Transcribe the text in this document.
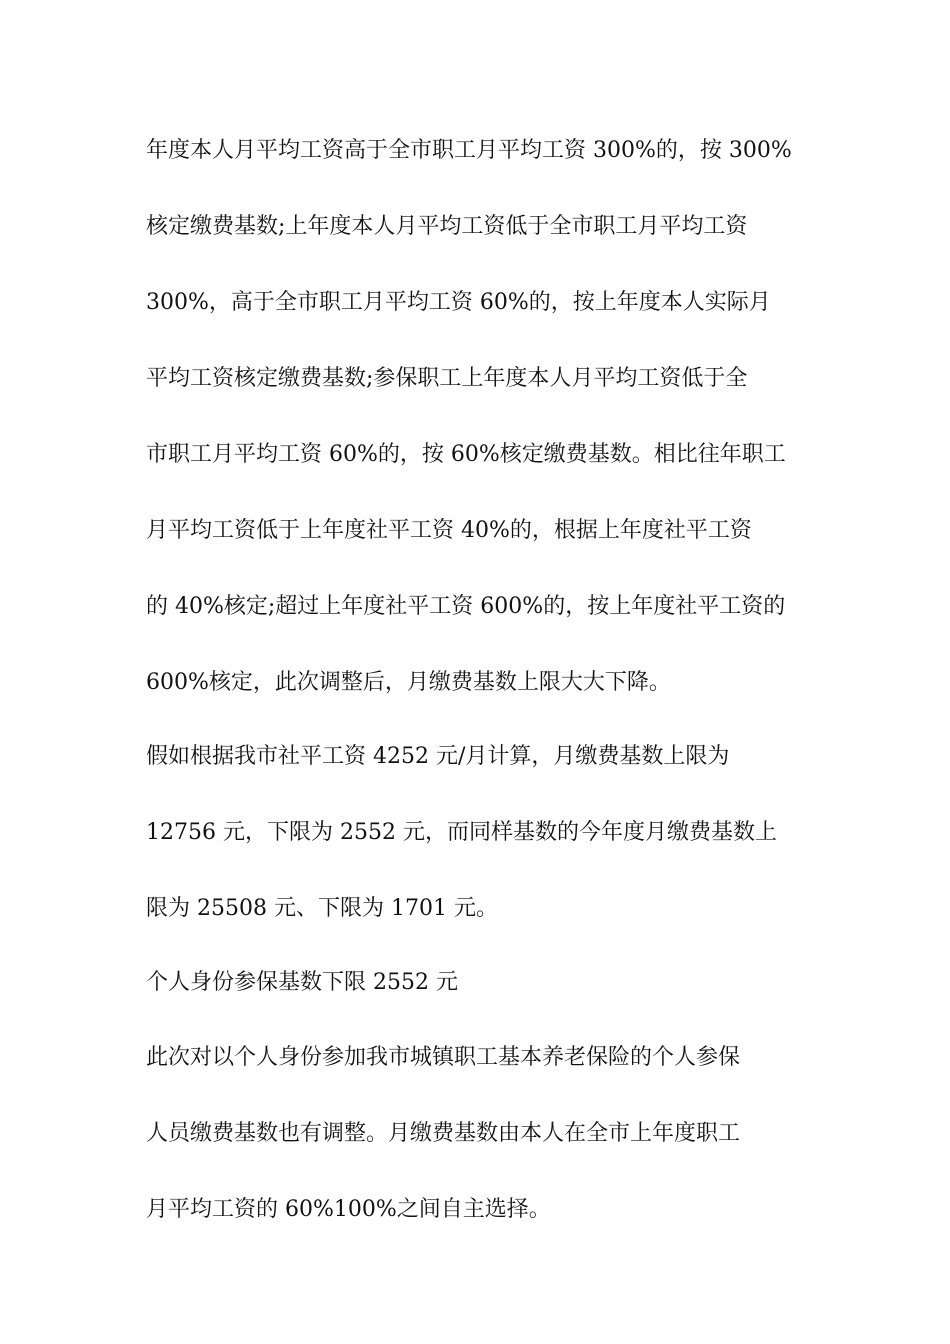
年度本人月平均工资高于全市职工月平均工资 300%的，按 300%

核定缴费基数;上年度本人月平均工资低于全市职工月平均工资

300%，高于全市职工月平均工资 60%的，按上年度本人实际月

平均工资核定缴费基数;参保职工上年度本人月平均工资低于全

市职工月平均工资 60%的，按 60%核定缴费基数。相比往年职工

月平均工资低于上年度社平工资 40%的，根据上年度社平工资

的 40%核定;超过上年度社平工资 600%的，按上年度社平工资的

600%核定，此次调整后，月缴费基数上限大大下降。

假如根据我市社平工资 4252 元/月计算，月缴费基数上限为

12756 元，下限为 2552 元，而同样基数的今年度月缴费基数上

限为 25508 元、下限为 1701 元。

个人身份参保基数下限 2552 元

此次对以个人身份参加我市城镇职工基本养老保险的个人参保

人员缴费基数也有调整。月缴费基数由本人在全市上年度职工

月平均工资的 60%100%之间自主选择。
